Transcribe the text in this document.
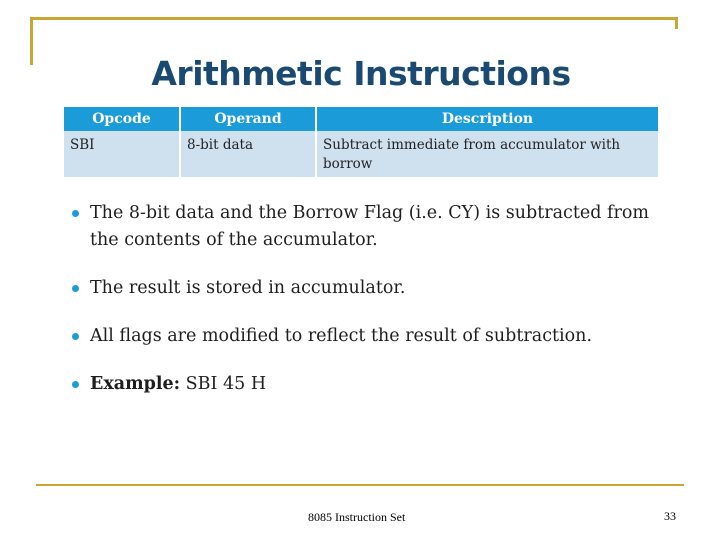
Arithmetic Instructions
Opcode	Operand	Description
SBI	8-bit data	Subtract immediate from accumulator with borrow
The 8-bit data and the Borrow Flag (i.e. CY) is subtracted from the contents of the accumulator.
The result is stored in accumulator.
All flags are modified to reflect the result of subtraction.
Example: SBI 45 H
8085 Instruction Set	33
